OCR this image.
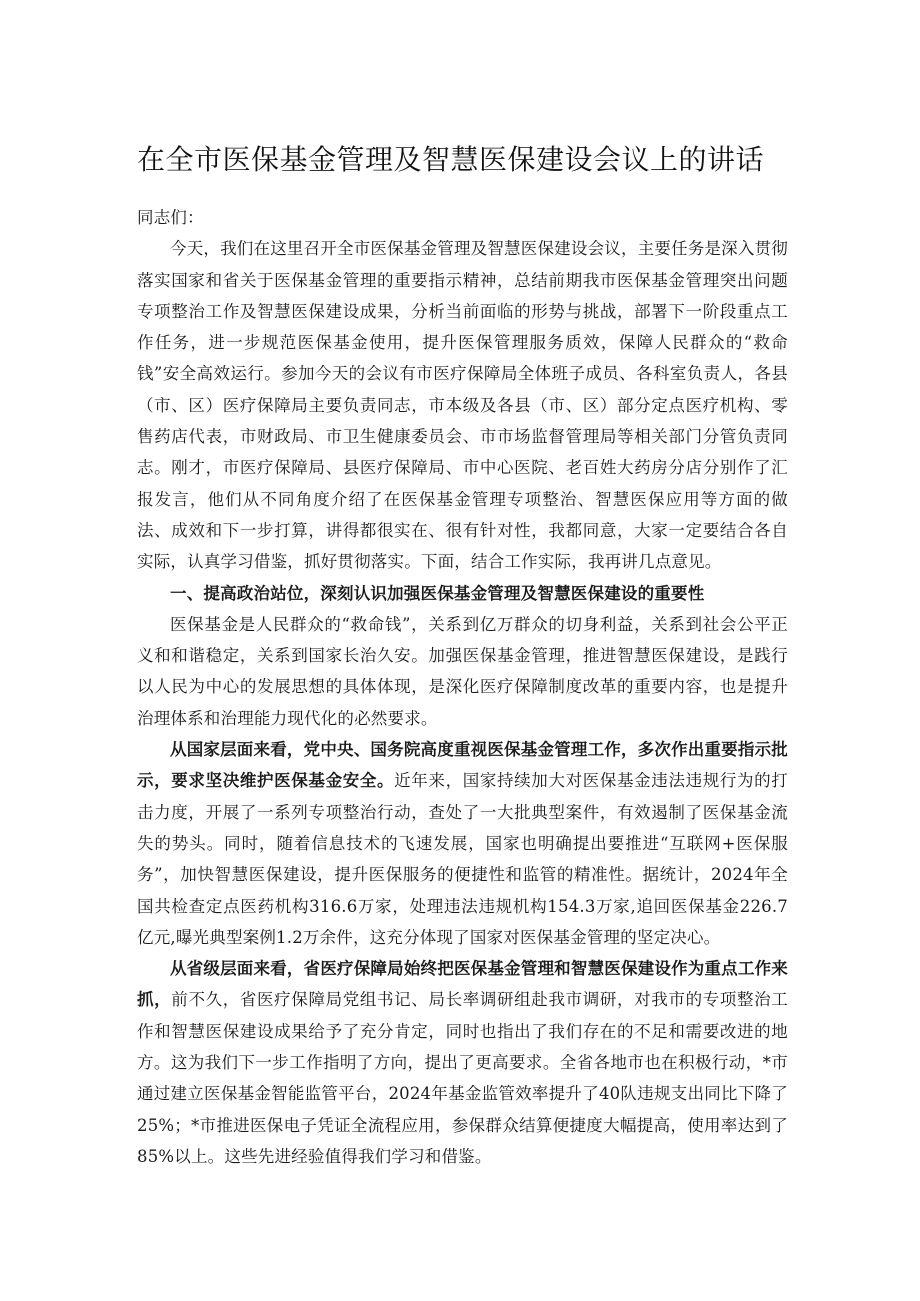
在全市医保基金管理及智慧医保建设会议上的讲话

同志们：

今天，我们在这里召开全市医保基金管理及智慧医保建设会议，主要任务是深入贯彻落实国家和省关于医保基金管理的重要指示精神，总结前期我市医保基金管理突出问题专项整治工作及智慧医保建设成果，分析当前面临的形势与挑战，部署下一阶段重点工作任务，进一步规范医保基金使用，提升医保管理服务质效，保障人民群众的“救命钱”安全高效运行。参加今天的会议有市医疗保障局全体班子成员、各科室负责人，各县（市、区）医疗保障局主要负责同志，市本级及各县（市、区）部分定点医疗机构、零售药店代表，市财政局、市卫生健康委员会、市市场监督管理局等相关部门分管负责同志。刚才，市医疗保障局、县医疗保障局、市中心医院、老百姓大药房分店分别作了汇报发言，他们从不同角度介绍了在医保基金管理专项整治、智慧医保应用等方面的做法、成效和下一步打算，讲得都很实在、很有针对性，我都同意，大家一定要结合各自实际，认真学习借鉴，抓好贯彻落实。下面，结合工作实际，我再讲几点意见。

一、提高政治站位，深刻认识加强医保基金管理及智慧医保建设的重要性

医保基金是人民群众的“救命钱”，关系到亿万群众的切身利益，关系到社会公平正义和和谐稳定，关系到国家长治久安。加强医保基金管理，推进智慧医保建设，是践行以人民为中心的发展思想的具体体现，是深化医疗保障制度改革的重要内容，也是提升治理体系和治理能力现代化的必然要求。

从国家层面来看，党中央、国务院高度重视医保基金管理工作，多次作出重要指示批示，要求坚决维护医保基金安全。近年来，国家持续加大对医保基金违法违规行为的打击力度，开展了一系列专项整治行动，查处了一大批典型案件，有效遏制了医保基金流失的势头。同时，随着信息技术的飞速发展，国家也明确提出要推进“互联网+医保服务”，加快智慧医保建设，提升医保服务的便捷性和监管的精准性。据统计，2024年全国共检查定点医药机构316.6万家，处理违法违规机构154.3万家,追回医保基金226.7亿元,曝光典型案例1.2万余件，这充分体现了国家对医保基金管理的坚定决心。

从省级层面来看，省医疗保障局始终把医保基金管理和智慧医保建设作为重点工作来抓，前不久，省医疗保障局党组书记、局长率调研组赴我市调研，对我市的专项整治工作和智慧医保建设成果给予了充分肯定，同时也指出了我们存在的不足和需要改进的地方。这为我们下一步工作指明了方向，提出了更高要求。全省各地市也在积极行动，*市通过建立医保基金智能监管平台，2024年基金监管效率提升了40队违规支出同比下降了25%；*市推进医保电子凭证全流程应用，参保群众结算便捷度大幅提高，使用率达到了85%以上。这些先进经验值得我们学习和借鉴。
